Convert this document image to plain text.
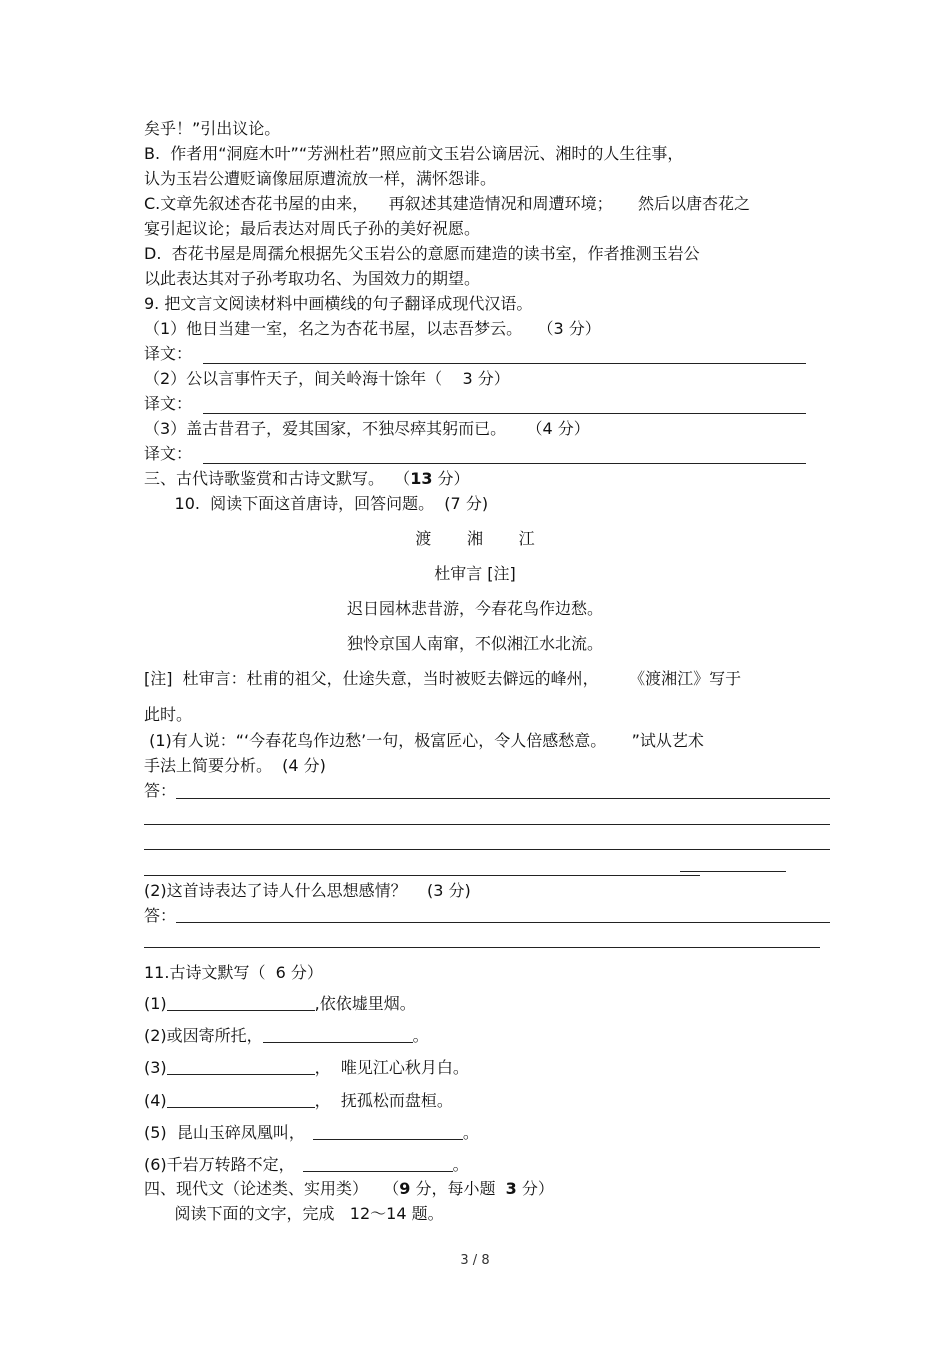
矣乎！”引出议论。
B.  作者用“洞庭木叶”“芳洲杜若”照应前文玉岩公谪居沅、湘时的人生往事，
认为玉岩公遭贬谪像屈原遭流放一样，满怀怨诽。
C.文章先叙述杏花书屋的由来，    再叙述其建造情况和周遭环境；     然后以唐杏花之
宴引起议论；最后表达对周氏子孙的美好祝愿。
D.  杏花书屋是周孺允根据先父玉岩公的意愿而建造的读书室，作者推测玉岩公
以此表达其对子孙考取功名、为国效力的期望。
9. 把文言文阅读材料中画横线的句子翻译成现代汉语。
（1）他日当建一室，名之为杏花书屋，以志吾梦云。   （3 分）
译文：
（2）公以言事忤天子，间关岭海十馀年（    3 分）
译文：
（3）盖古昔君子，爱其国家，不独尽瘁其躬而已。    （4 分）
译文：
三、古代诗歌鉴赏和古诗文默写。  （13 分）
10.  阅读下面这首唐诗，回答问题。  (7 分)
渡       湘       江
杜审言 [注]
迟日园林悲昔游，今春花鸟作边愁。
独怜京国人南窜，不似湘江水北流。
[注]  杜审言：杜甫的祖父，仕途失意，当时被贬去僻远的峰州，      《渡湘江》写于
此时。
(1)有人说：“‘今春花鸟作边愁’一句，极富匠心，令人倍感愁意。     ”试从艺术
手法上简要分析。  (4 分)
答：
(2)这首诗表达了诗人什么思想感情？    (3 分)
答：
11.古诗文默写（  6 分）
(1)	,依依墟里烟。
(2)或因寄所托，	。
(3)	，  唯见江心秋月白。
(4)	，  抚孤松而盘桓。
(5)  昆山玉碎凤凰叫，	。
(6)千岩万转路不定，	。
四、现代文（论述类、实用类）   （9 分，每小题  3 分）
阅读下面的文字，完成   12～14 题。
3 / 8
